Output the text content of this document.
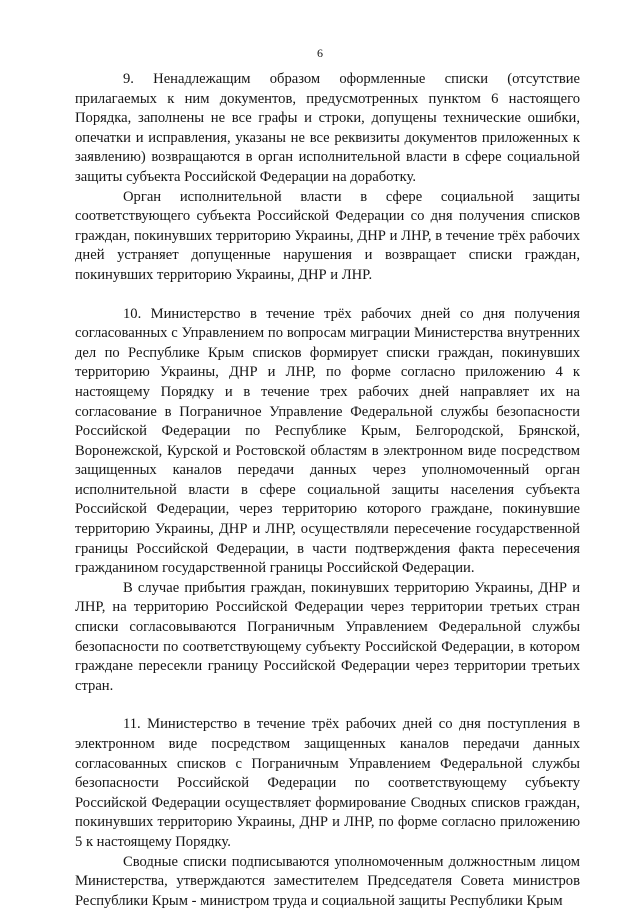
6

9. Ненадлежащим образом оформленные списки (отсутствие прилагаемых к ним документов, предусмотренных пунктом 6 настоящего Порядка, заполнены не все графы и строки, допущены технические ошибки, опечатки и исправления, указаны не все реквизиты документов приложенных к заявлению) возвращаются в орган исполнительной власти в сфере социальной защиты субъекта Российской Федерации на доработку.

Орган исполнительной власти в сфере социальной защиты соответствующего субъекта Российской Федерации со дня получения списков граждан, покинувших территорию Украины, ДНР и ЛНР, в течение трёх рабочих дней устраняет допущенные нарушения и возвращает списки граждан, покинувших территорию Украины, ДНР и ЛНР.

10. Министерство в течение трёх рабочих дней со дня получения согласованных с Управлением по вопросам миграции Министерства внутренних дел по Республике Крым списков формирует списки граждан, покинувших территорию Украины, ДНР и ЛНР, по форме согласно приложению 4 к настоящему Порядку и в течение трех рабочих дней направляет их на согласование в Пограничное Управление Федеральной службы безопасности Российской Федерации по Республике Крым, Белгородской, Брянской, Воронежской, Курской и Ростовской областям в электронном виде посредством защищенных каналов передачи данных через уполномоченный орган исполнительной власти в сфере социальной защиты населения субъекта Российской Федерации, через территорию которого граждане, покинувшие территорию Украины, ДНР и ЛНР, осуществляли пересечение государственной границы Российской Федерации, в части подтверждения факта пересечения гражданином государственной границы Российской Федерации.

В случае прибытия граждан, покинувших территорию Украины, ДНР и ЛНР, на территорию Российской Федерации через территории третьих стран списки согласовываются Пограничным Управлением Федеральной службы безопасности по соответствующему субъекту Российской Федерации, в котором граждане пересекли границу Российской Федерации через территории третьих стран.

11. Министерство в течение трёх рабочих дней со дня поступления в электронном виде посредством защищенных каналов передачи данных согласованных списков с Пограничным Управлением Федеральной службы безопасности Российской Федерации по соответствующему субъекту Российской Федерации осуществляет формирование Сводных списков граждан, покинувших территорию Украины, ДНР и ЛНР, по форме согласно приложению 5 к настоящему Порядку.

Сводные списки подписываются уполномоченным должностным лицом Министерства, утверждаются заместителем Председателя Совета министров Республики Крым - министром труда и социальной защиты Республики Крым
